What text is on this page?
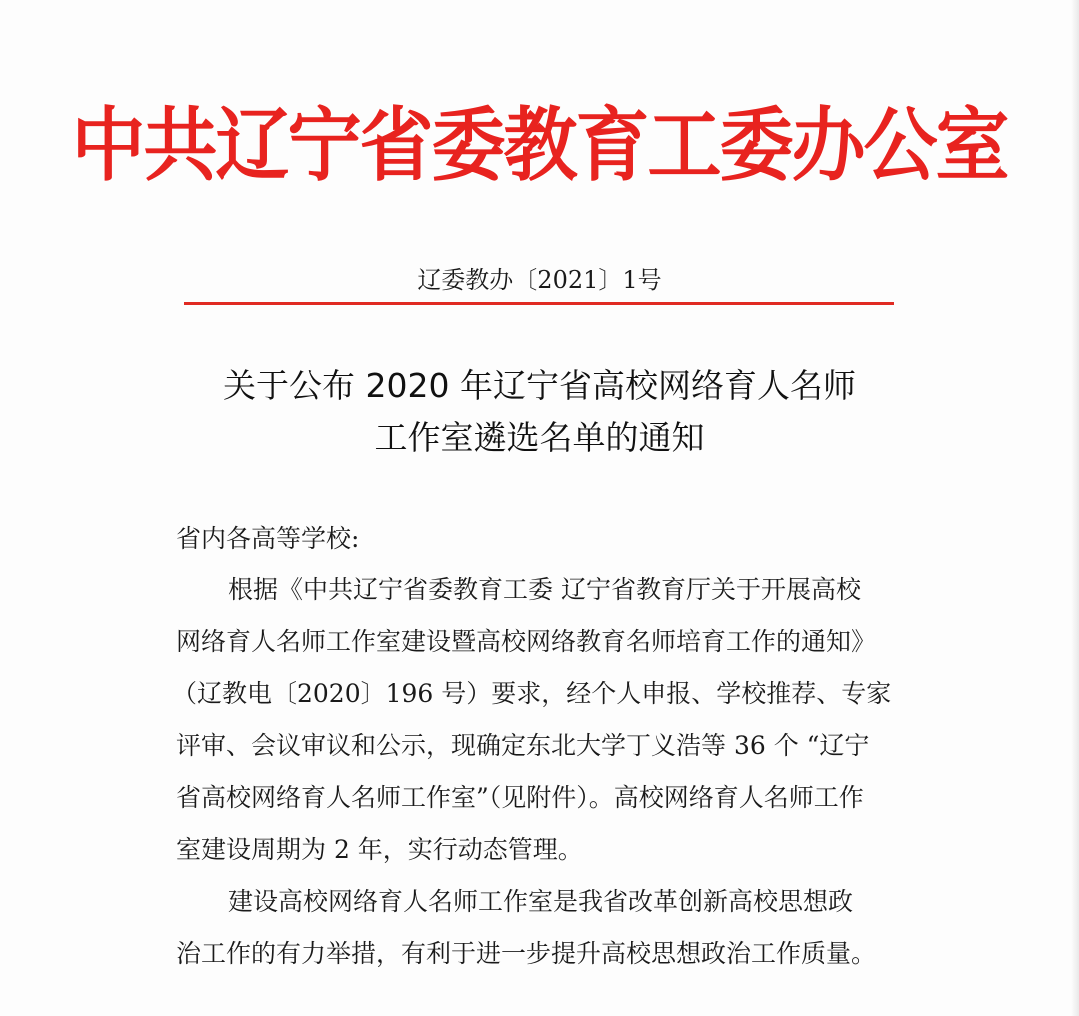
中共辽宁省委教育工委办公室
辽委教办〔2021〕1号
关于公布 2020 年辽宁省高校网络育人名师
工作室遴选名单的通知
省内各高等学校:
根据《中共辽宁省委教育工委 辽宁省教育厅关于开展高校
网络育人名师工作室建设暨高校网络教育名师培育工作的通知》
（辽教电〔2020〕196 号）要求，经个人申报、学校推荐、专家
评审、会议审议和公示，现确定东北大学丁义浩等 36 个 “辽宁
省高校网络育人名师工作室”（见附件）。高校网络育人名师工作
室建设周期为 2 年，实行动态管理。
建设高校网络育人名师工作室是我省改革创新高校思想政
治工作的有力举措，有利于进一步提升高校思想政治工作质量。
